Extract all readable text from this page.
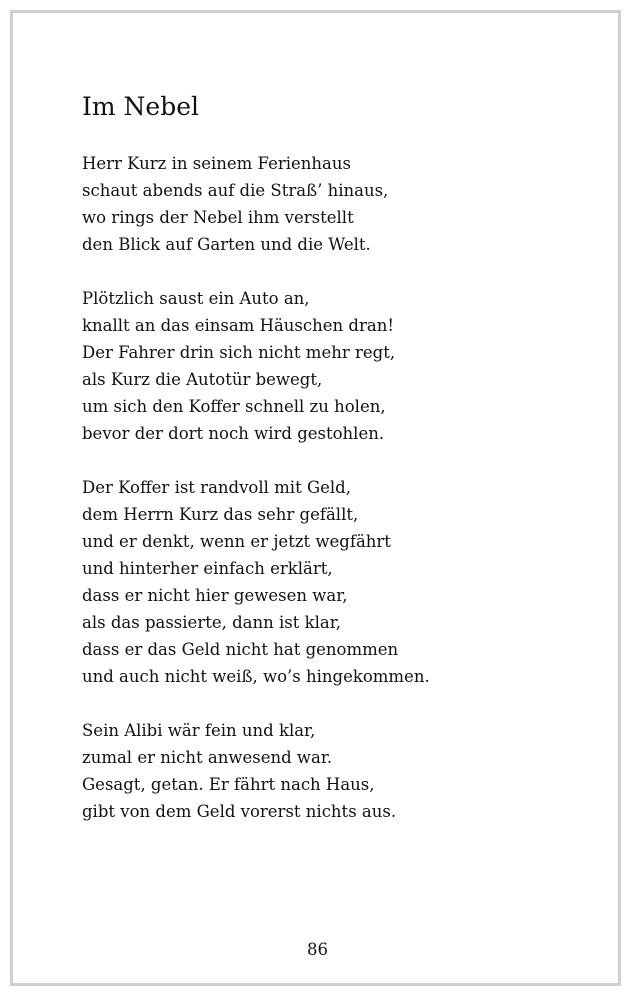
Im Nebel
Herr Kurz in seinem Ferienhaus
schaut abends auf die Straß’ hinaus,
wo rings der Nebel ihm verstellt
den Blick auf Garten und die Welt.
Plötzlich saust ein Auto an,
knallt an das einsam Häuschen dran!
Der Fahrer drin sich nicht mehr regt,
als Kurz die Autotür bewegt,
um sich den Koffer schnell zu holen,
bevor der dort noch wird gestohlen.
Der Koffer ist randvoll mit Geld,
dem Herrn Kurz das sehr gefällt,
und er denkt, wenn er jetzt wegfährt
und hinterher einfach erklärt,
dass er nicht hier gewesen war,
als das passierte, dann ist klar,
dass er das Geld nicht hat genommen
und auch nicht weiß, wo’s hingekommen.
Sein Alibi wär fein und klar,
zumal er nicht anwesend war.
Gesagt, getan. Er fährt nach Haus,
gibt von dem Geld vorerst nichts aus.
86
